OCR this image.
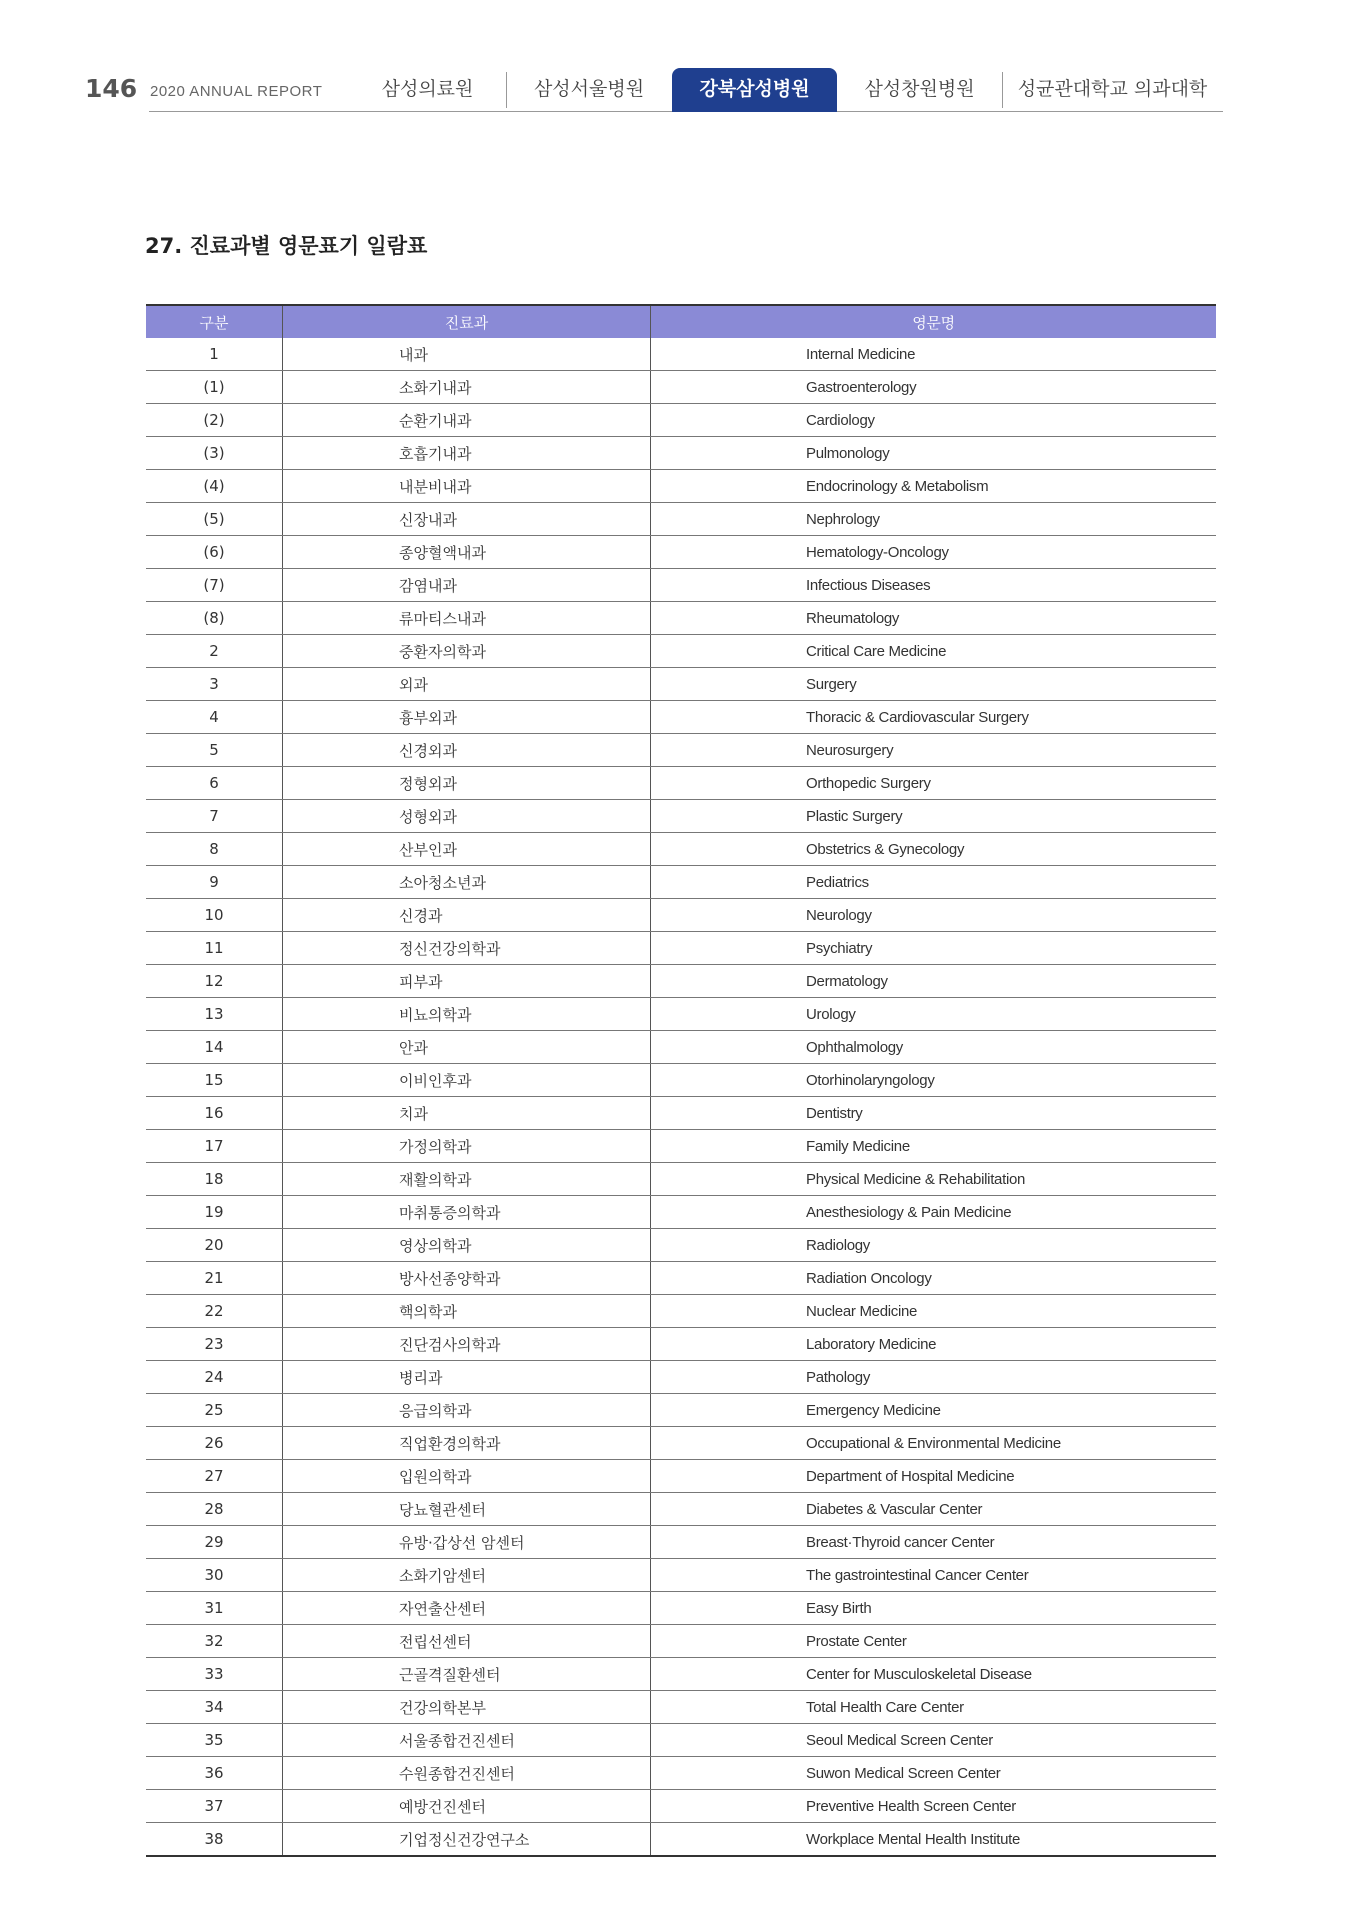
146 2020 ANNUAL REPORT	삼성의료원	삼성서울병원	강북삼성병원	삼성창원병원	성균관대학교 의과대학
27. 진료과별 영문표기 일람표
구분	진료과	영문명
1	내과	Internal Medicine
(1)	소화기내과	Gastroenterology
(2)	순환기내과	Cardiology
(3)	호흡기내과	Pulmonology
(4)	내분비내과	Endocrinology & Metabolism
(5)	신장내과	Nephrology
(6)	종양혈액내과	Hematology-Oncology
(7)	감염내과	Infectious Diseases
(8)	류마티스내과	Rheumatology
2	중환자의학과	Critical Care Medicine
3	외과	Surgery
4	흉부외과	Thoracic & Cardiovascular Surgery
5	신경외과	Neurosurgery
6	정형외과	Orthopedic Surgery
7	성형외과	Plastic Surgery
8	산부인과	Obstetrics & Gynecology
9	소아청소년과	Pediatrics
10	신경과	Neurology
11	정신건강의학과	Psychiatry
12	피부과	Dermatology
13	비뇨의학과	Urology
14	안과	Ophthalmology
15	이비인후과	Otorhinolaryngology
16	치과	Dentistry
17	가정의학과	Family Medicine
18	재활의학과	Physical Medicine & Rehabilitation
19	마취통증의학과	Anesthesiology & Pain Medicine
20	영상의학과	Radiology
21	방사선종양학과	Radiation Oncology
22	핵의학과	Nuclear Medicine
23	진단검사의학과	Laboratory Medicine
24	병리과	Pathology
25	응급의학과	Emergency Medicine
26	직업환경의학과	Occupational & Environmental Medicine
27	입원의학과	Department of Hospital Medicine
28	당뇨혈관센터	Diabetes & Vascular Center
29	유방·갑상선 암센터	Breast·Thyroid cancer Center
30	소화기암센터	The gastrointestinal Cancer Center
31	자연출산센터	Easy Birth
32	전립선센터	Prostate Center
33	근골격질환센터	Center for Musculoskeletal Disease
34	건강의학본부	Total Health Care Center
35	서울종합건진센터	Seoul Medical Screen Center
36	수원종합건진센터	Suwon Medical Screen Center
37	예방건진센터	Preventive Health Screen Center
38	기업정신건강연구소	Workplace Mental Health Institute
